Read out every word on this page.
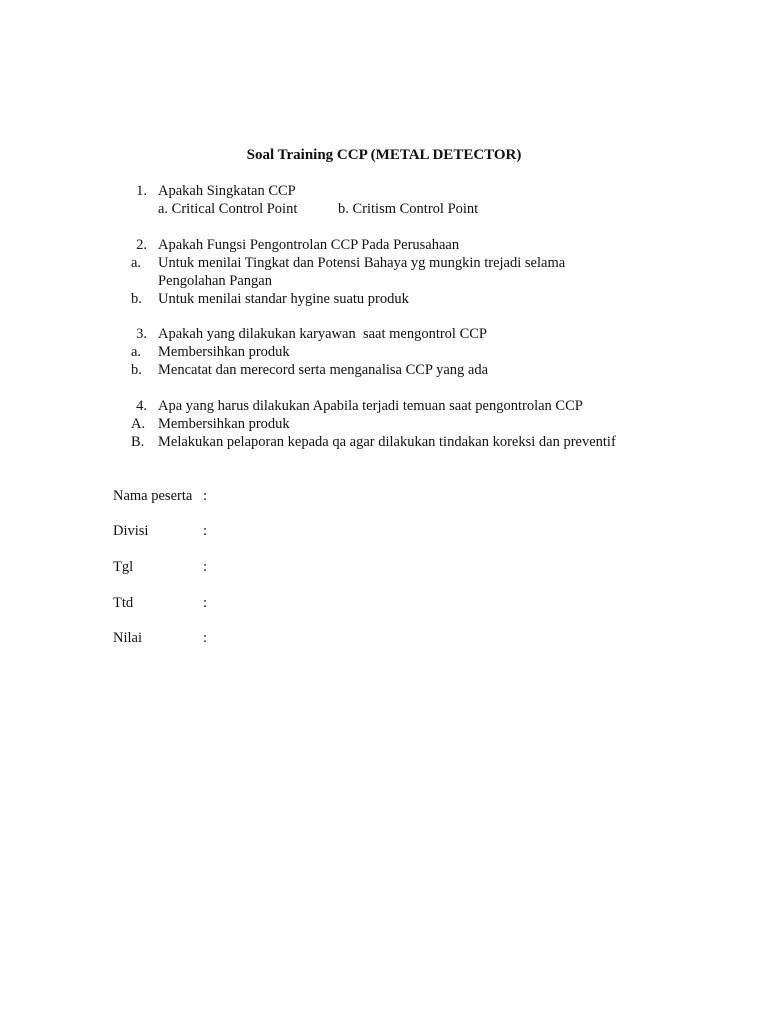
Soal Training CCP (METAL DETECTOR)
1. Apakah Singkatan CCP
a. Critical Control Point	b. Critism Control Point
2. Apakah Fungsi Pengontrolan CCP Pada Perusahaan
a.	Untuk menilai Tingkat dan Potensi Bahaya yg mungkin trejadi selama
Pengolahan Pangan
b.	Untuk menilai standar hygine suatu produk
3. Apakah yang dilakukan karyawan  saat mengontrol CCP
a.	Membersihkan produk
b.	Mencatat dan merecord serta menganalisa CCP yang ada
4. Apa yang harus dilakukan Apabila terjadi temuan saat pengontrolan CCP
A. Membersihkan produk
B. Melakukan pelaporan kepada qa agar dilakukan tindakan koreksi dan preventif
Nama peserta :
Divisi	:
Tgl	:
Ttd	:
Nilai	:
